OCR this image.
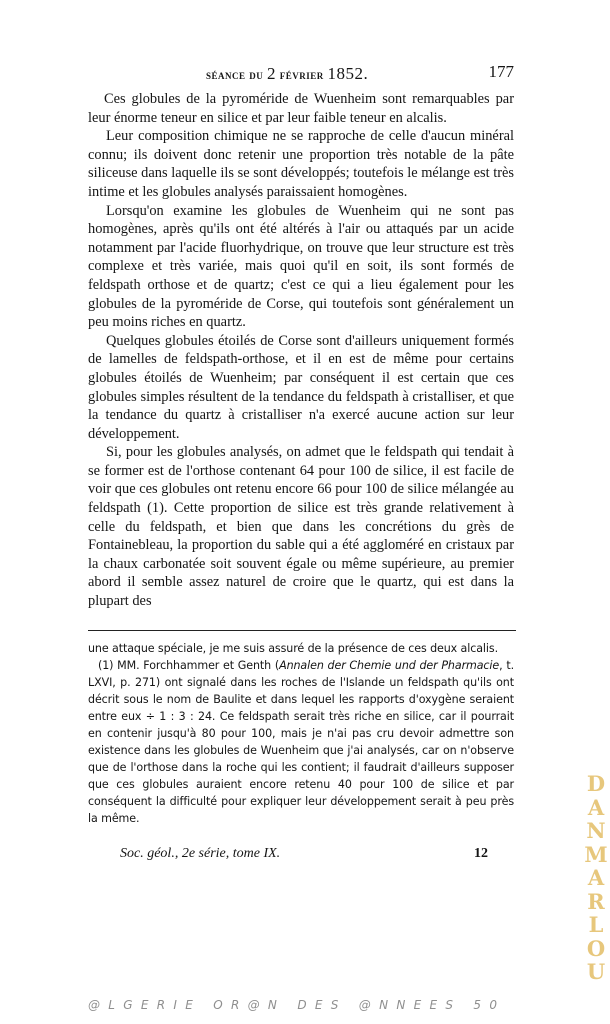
séance du 2 février 1852.	177

Ces globules de la pyroméride de Wuenheim sont remarquables par leur énorme teneur en silice et par leur faible teneur en alcalis.

Leur composition chimique ne se rapproche de celle d'aucun minéral connu; ils doivent donc retenir une proportion très notable de la pâte siliceuse dans laquelle ils se sont développés; toutefois le mélange est très intime et les globules analysés paraissaient homogènes.

Lorsqu'on examine les globules de Wuenheim qui ne sont pas homogènes, après qu'ils ont été altérés à l'air ou attaqués par un acide notamment par l'acide fluorhydrique, on trouve que leur structure est très complexe et très variée, mais quoi qu'il en soit, ils sont formés de feldspath orthose et de quartz; c'est ce qui a lieu également pour les globules de la pyroméride de Corse, qui toutefois sont généralement un peu moins riches en quartz.

Quelques globules étoilés de Corse sont d'ailleurs uniquement formés de lamelles de feldspath-orthose, et il en est de même pour certains globules étoilés de Wuenheim; par conséquent il est certain que ces globules simples résultent de la tendance du feldspath à cristalliser, et que la tendance du quartz à cristalliser n'a exercé aucune action sur leur développement.

Si, pour les globules analysés, on admet que le feldspath qui tendait à se former est de l'orthose contenant 64 pour 100 de silice, il est facile de voir que ces globules ont retenu encore 66 pour 100 de silice mélangée au feldspath (1). Cette proportion de silice est très grande relativement à celle du feldspath, et bien que dans les concrétions du grès de Fontainebleau, la proportion du sable qui a été aggloméré en cristaux par la chaux carbonatée soit souvent égale ou même supérieure, au premier abord il semble assez naturel de croire que le quartz, qui est dans la plupart des

une attaque spéciale, je me suis assuré de la présence de ces deux alcalis.

(1) MM. Forchhammer et Genth (Annalen der Chemie und der Pharmacie, t. LXVI, p. 271) ont signalé dans les roches de l'Islande un feldspath qu'ils ont décrit sous le nom de Baulite et dans lequel les rapports d'oxygène seraient entre eux ÷ 1 : 3 : 24. Ce feldspath serait très riche en silice, car il pourrait en contenir jusqu'à 80 pour 100, mais je n'ai pas cru devoir admettre son existence dans les globules de Wuenheim que j'ai analysés, car on n'observe que de l'orthose dans la roche qui les contient; il faudrait d'ailleurs supposer que ces globules auraient encore retenu 40 pour 100 de silice et par conséquent la difficulté pour expliquer leur développement serait à peu près la même.

Soc. géol., 2e série, tome IX.	12
D
A
N
M
A
R
L
O
U
@LGERIE OR@N DES @NNEES 50
